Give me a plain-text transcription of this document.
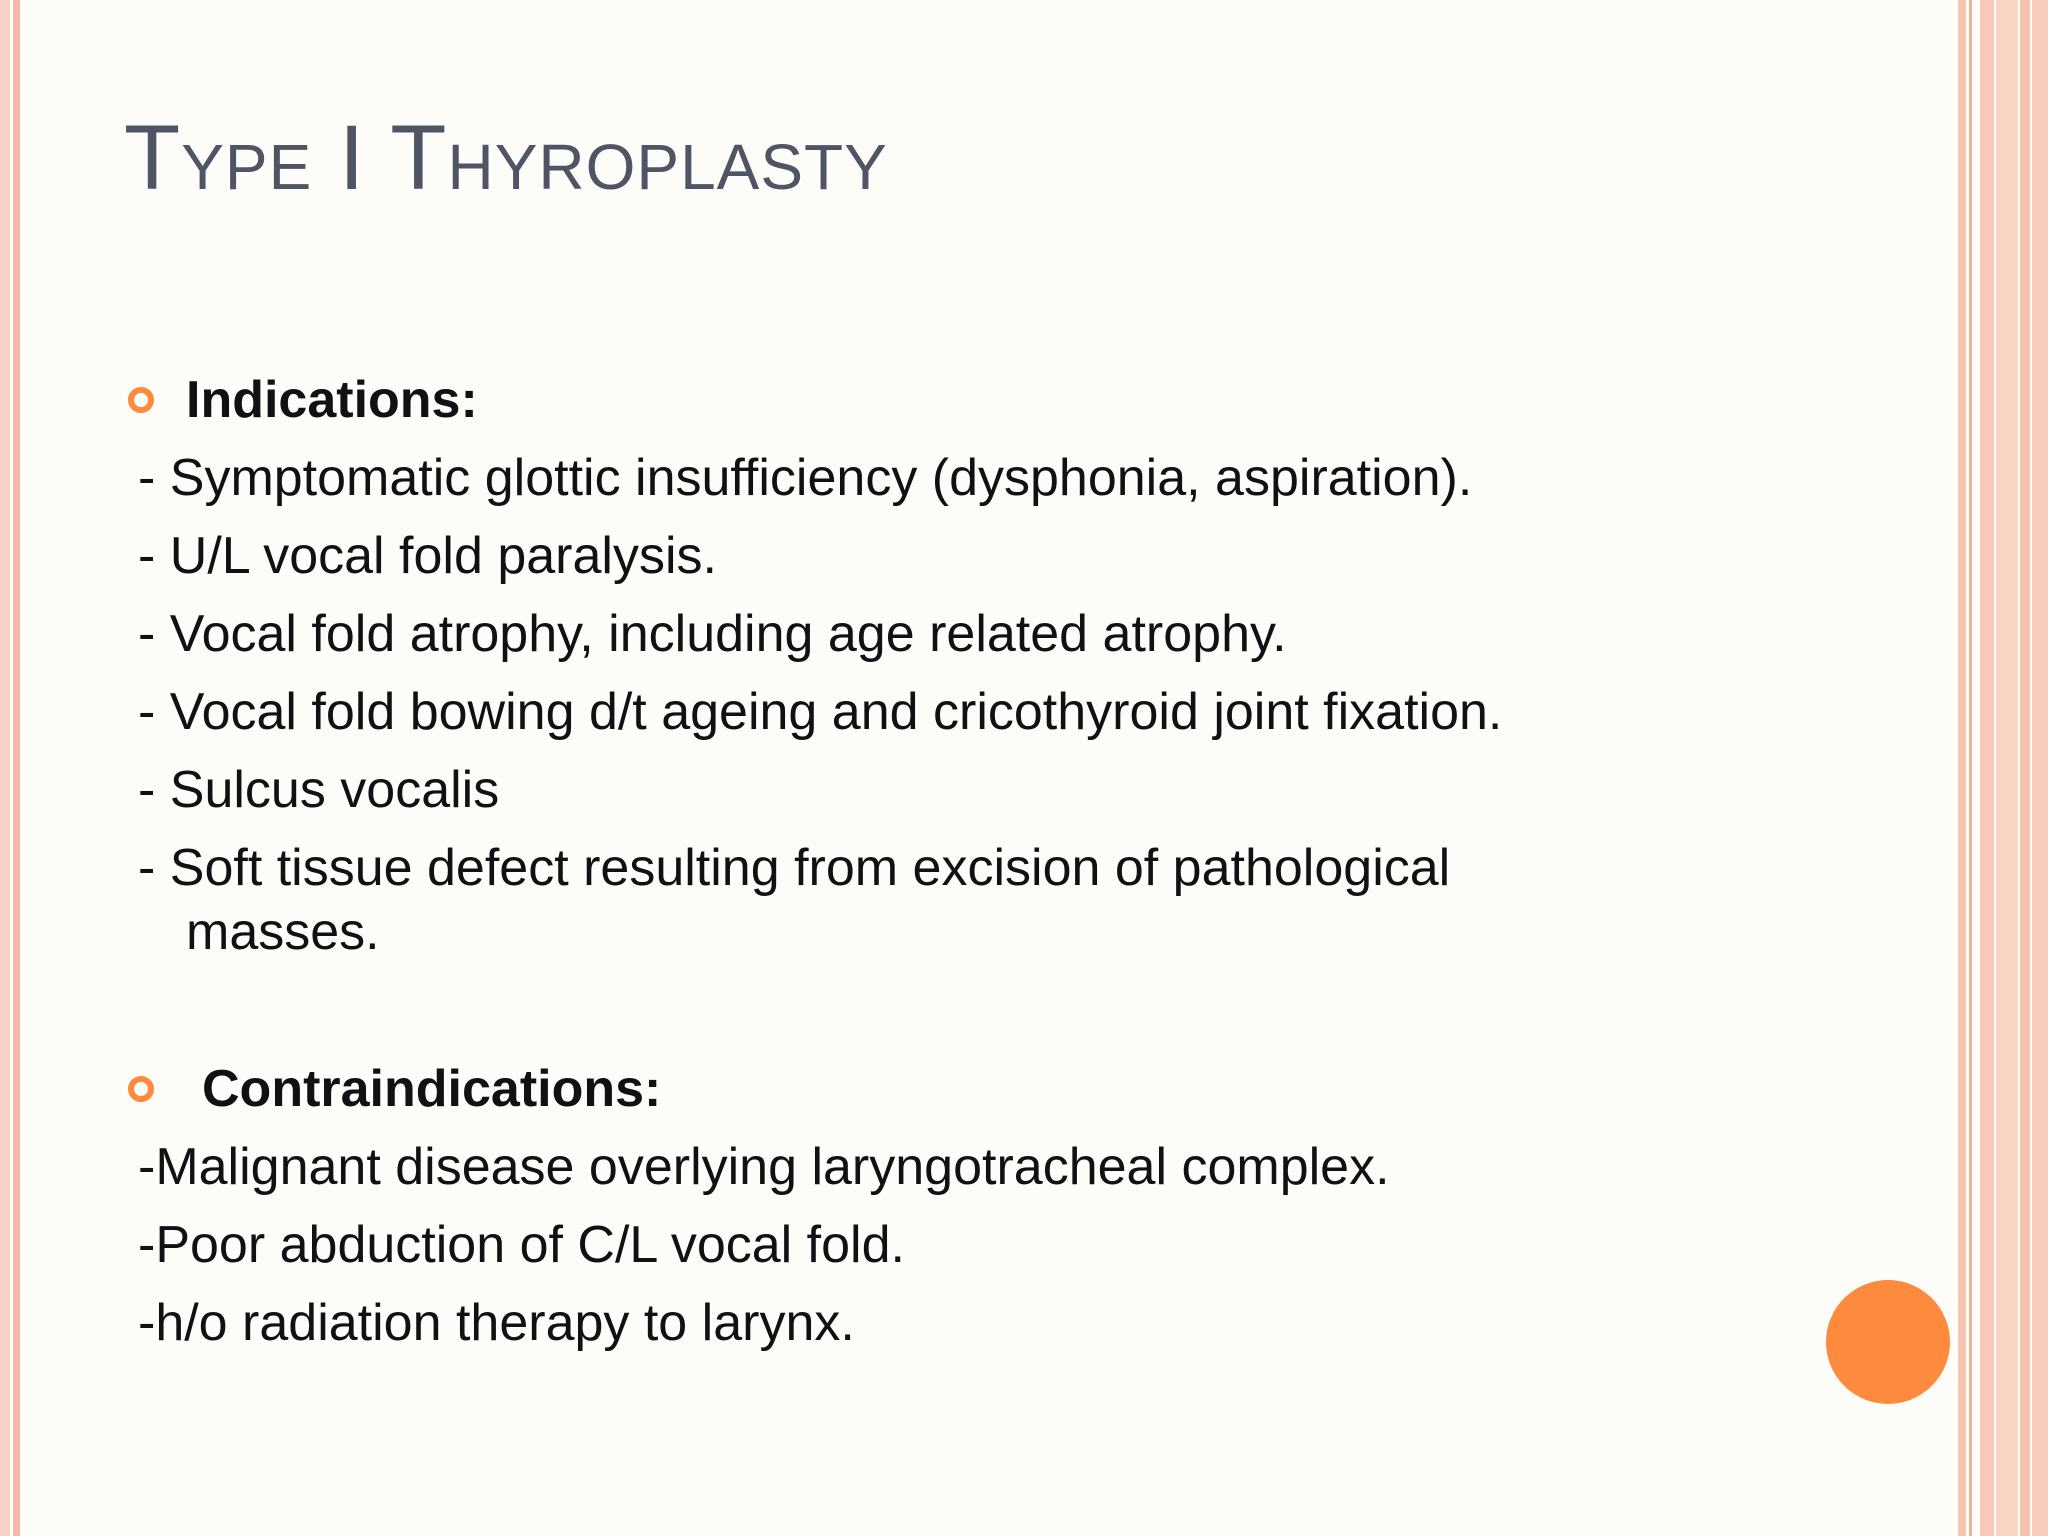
Type I Thyroplasty
Indications:
- Symptomatic glottic insufficiency (dysphonia, aspiration).
- U/L vocal fold paralysis.
- Vocal fold atrophy, including age related atrophy.
- Vocal fold bowing d/t ageing and cricothyroid joint fixation.
- Sulcus vocalis
- Soft tissue defect resulting from excision of pathological
masses.
Contraindications:
-Malignant disease overlying laryngotracheal complex.
-Poor abduction of C/L vocal fold.
-h/o radiation therapy to larynx.
